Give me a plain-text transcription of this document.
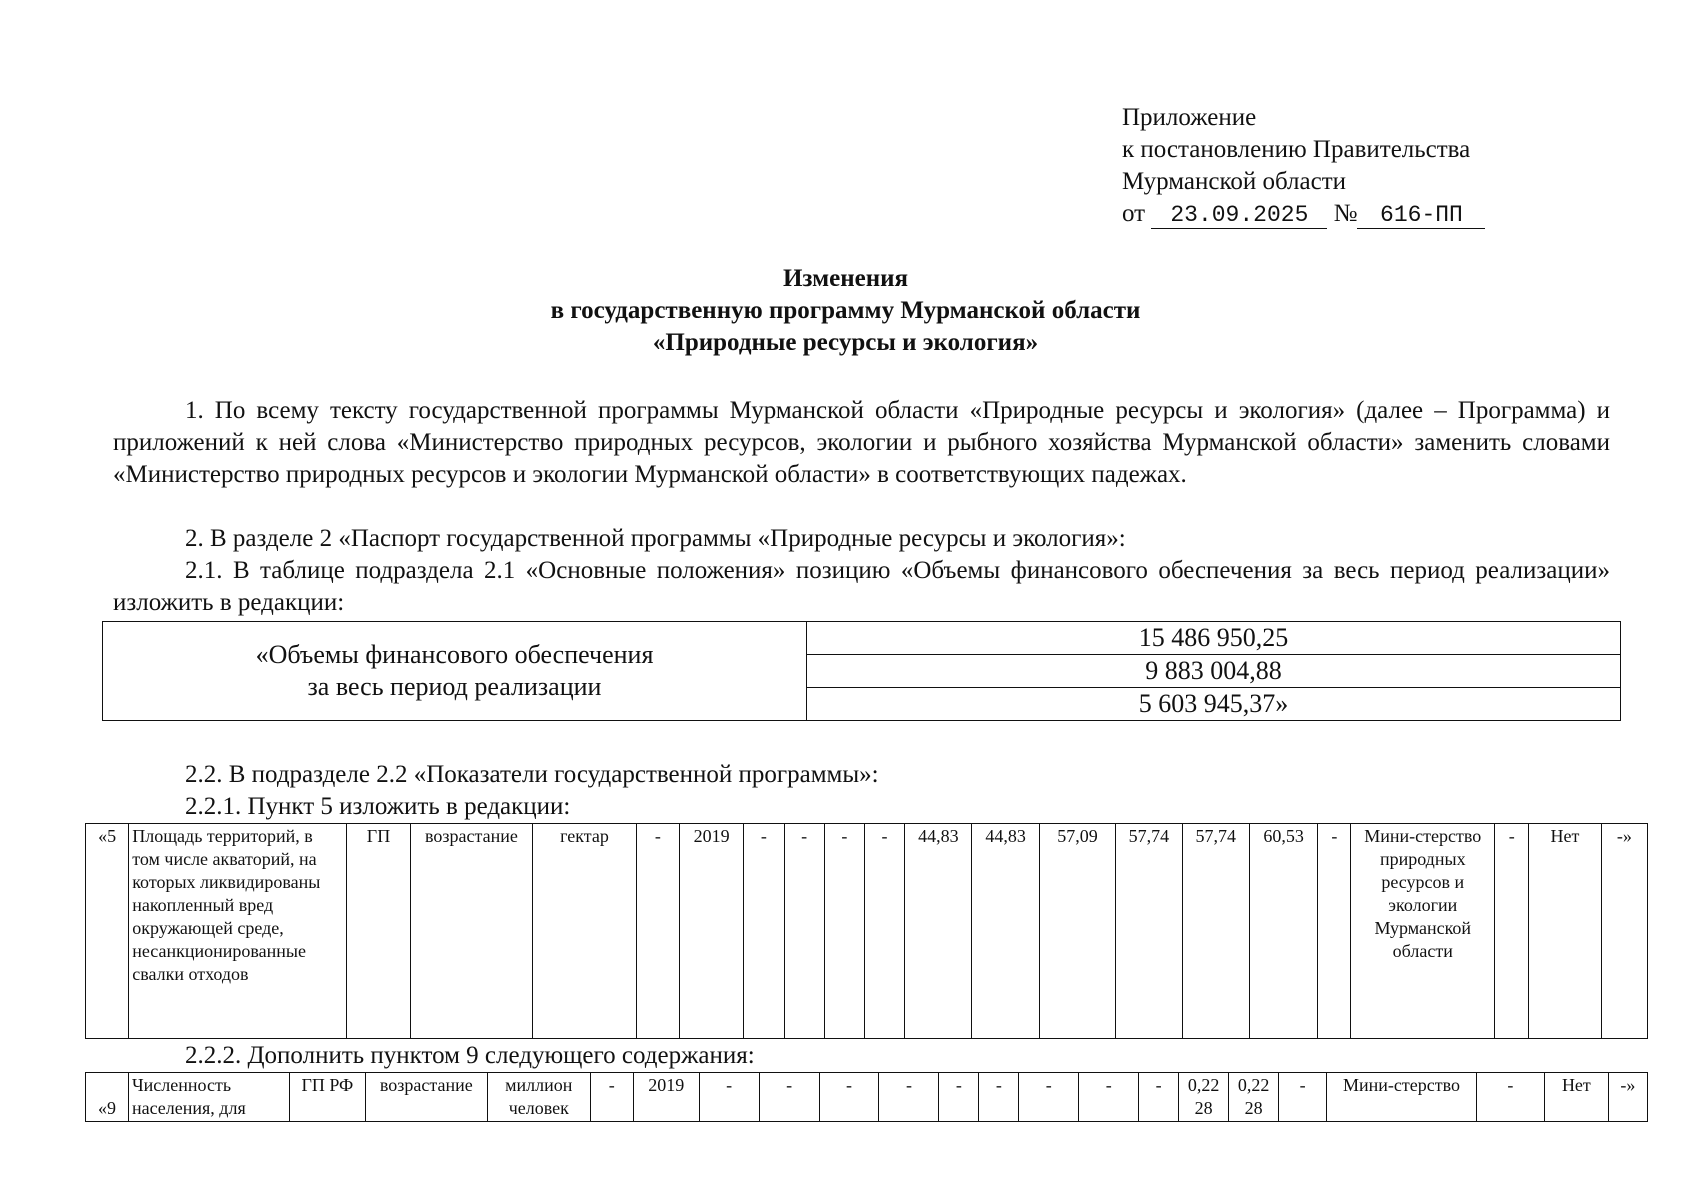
Приложение
к постановлению Правительства
Мурманской области
от 23.09.2025 № 616-ПП
Изменения
в государственную программу Мурманской области
«Природные ресурсы и экология»
1. По всему тексту государственной программы Мурманской области «Природные ресурсы и экология» (далее – Программа) и приложений к ней слова «Министерство природных ресурсов, экологии и рыбного хозяйства Мурманской области» заменить словами «Министерство природных ресурсов и экологии Мурманской области» в соответствующих падежах.
2. В разделе 2 «Паспорт государственной программы «Природные ресурсы и экология»:
2.1. В таблице подраздела 2.1 «Основные положения» позицию «Объемы финансового обеспечения за весь период реализации» изложить в редакции:
«Объемы финансового обеспечения
за весь период реализации
	15 486 950,25
9 883 004,88
5 603 945,37»
2.2. В подразделе 2.2 «Показатели государственной программы»:
2.2.1. Пункт 5 изложить в редакции:
«5	Площадь территорий, в том числе акваторий, на которых ликвидированы накопленный вред окружающей среде, несанкционированные свалки отходов	ГП	возрастание	гектар	-	2019	-	-	-	-	44,83	44,83	57,09	57,74	57,74	60,53	-	Мини-стерство природных ресурсов и экологии Мурманской области	-	Нет	-»
2.2.2. Дополнить пунктом 9 следующего содержания:
«9	Численность населения, для	ГП РФ	возрастание	миллион человек	-	2019	-	-	-	-	-	-	-	-	-	0,22 28	0,22 28	-	Мини-стерство	-	Нет	-»
